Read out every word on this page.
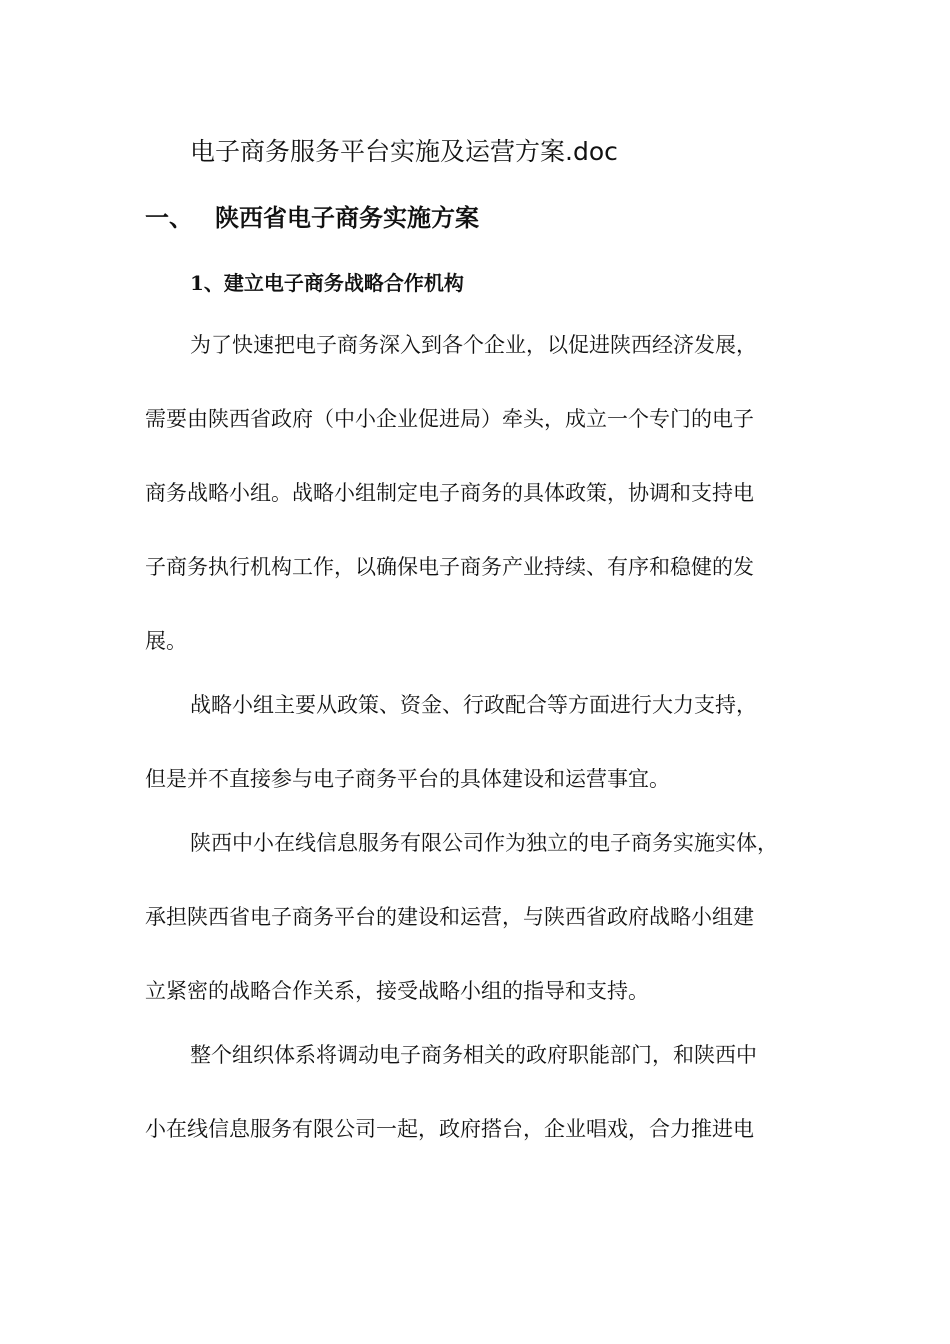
电子商务服务平台实施及运营方案.doc
一、 陕西省电子商务实施方案
1、建立电子商务战略合作机构

为了快速把电子商务深入到各个企业，以促进陕西经济发展，

需要由陕西省政府（中小企业促进局）牵头，成立一个专门的电子

商务战略小组。战略小组制定电子商务的具体政策，协调和支持电

子商务执行机构工作，以确保电子商务产业持续、有序和稳健的发

展。

战略小组主要从政策、资金、行政配合等方面进行大力支持，

但是并不直接参与电子商务平台的具体建设和运营事宜。

陕西中小在线信息服务有限公司作为独立的电子商务实施实体，

承担陕西省电子商务平台的建设和运营，与陕西省政府战略小组建

立紧密的战略合作关系，接受战略小组的指导和支持。

整个组织体系将调动电子商务相关的政府职能部门，和陕西中

小在线信息服务有限公司一起，政府搭台，企业唱戏，合力推进电
